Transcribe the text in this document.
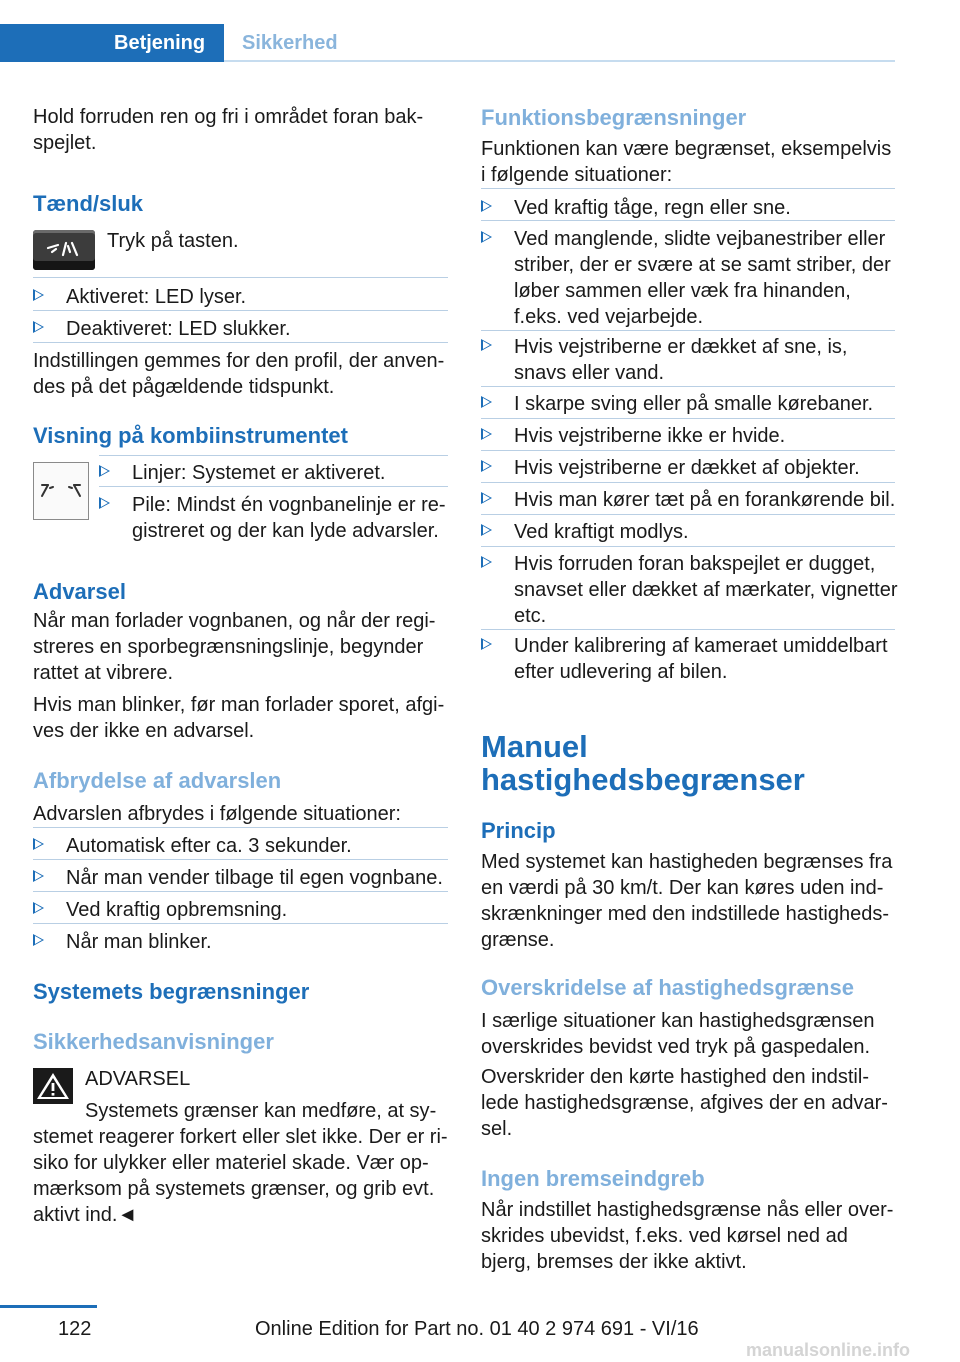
Betjening	Sikkerhed

Hold forruden ren og fri i området foran bakspejlet.

Tænd/sluk
Tryk på tasten.
Aktiveret: LED lyser.
Deaktiveret: LED slukker.

Indstillingen gemmes for den profil, der anvendes på det pågældende tidspunkt.

Visning på kombiinstrumentet
Linjer: Systemet er aktiveret.
Pile: Mindst én vognbanelinje er registreret og der kan lyde advarsler.
Advarsel

Når man forlader vognbanen, og når der registreres en sporbegrænsningslinje, begynder rattet at vibrere.

Hvis man blinker, før man forlader sporet, afgives der ikke en advarsel.

Afbrydelse af advarslen
Advarslen afbrydes i følgende situationer:
Automatisk efter ca. 3 sekunder.
Når man vender tilbage til egen vognbane.
Ved kraftig opbremsning.
Når man blinker.
Systemets begrænsninger
Sikkerhedsanvisninger
ADVARSEL

Systemets grænser kan medføre, at systemet reagerer forkert eller slet ikke. Der er risiko for ulykker eller materiel skade. Vær opmærksom på systemets grænser, og grib evt. aktivt ind.◄

Funktionsbegrænsninger

Funktionen kan være begrænset, eksempelvis i følgende situationer:

Ved kraftig tåge, regn eller sne.
Ved manglende, slidte vejbanestriber eller striber, der er svære at se samt striber, der løber sammen eller væk fra hinanden, f.eks. ved vejarbejde.
Hvis vejstriberne er dækket af sne, is, snavs eller vand.
I skarpe sving eller på smalle kørebaner.
Hvis vejstriberne ikke er hvide.
Hvis vejstriberne er dækket af objekter.
Hvis man kører tæt på en forankørende bil.
Ved kraftigt modlys.
Hvis forruden foran bakspejlet er dugget, snavset eller dækket af mærkater, vignetter etc.
Under kalibrering af kameraet umiddelbart efter udlevering af bilen.
Manuel hastighedsbegrænser
Princip

Med systemet kan hastigheden begrænses fra en værdi på 30 km/t. Der kan køres uden indskrænkninger med den indstillede hastighedsgrænse.

Overskridelse af hastighedsgrænse

I særlige situationer kan hastighedsgrænsen overskrides bevidst ved tryk på gaspedalen.

Overskrider den kørte hastighed den indstillede hastighedsgrænse, afgives der en advarsel.

Ingen bremseindgreb

Når indstillet hastighedsgrænse nås eller overskrides ubevidst, f.eks. ved kørsel ned ad bjerg, bremses der ikke aktivt.

122	Online Edition for Part no. 01 40 2 974 691 - VI/16
manualsonline.info
